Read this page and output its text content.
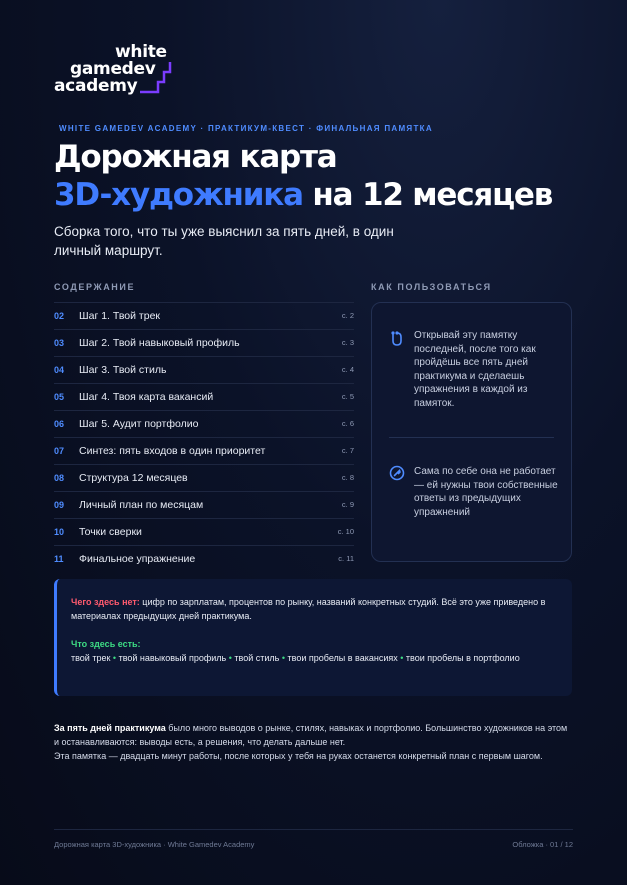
white
gamedev
academy
WHITE GAMEDEV ACADEMY · ПРАКТИКУМ-КВЕСТ · ФИНАЛЬНАЯ ПАМЯТКА
Дорожная карта
3D-художника на 12 месяцев
Сборка того, что ты уже выяснил за пять дней, в один личный маршрут.
СОДЕРЖАНИЕ	КАК ПОЛЬЗОВАТЬСЯ
02 Шаг 1. Твой трек	с. 2
03 Шаг 2. Твой навыковый профиль	с. 3
04 Шаг 3. Твой стиль	с. 4
05 Шаг 4. Твоя карта вакансий	с. 5
06 Шаг 5. Аудит портфолио	с. 6
07 Синтез: пять входов в один приоритет	с. 7
08 Структура 12 месяцев	с. 8
09 Личный план по месяцам	с. 9
10 Точки сверки	с. 10
11 Финальное упражнение	с. 11
Открывай эту памятку последней, после того как пройдёшь все пять дней практикума и сделаешь упражнения в каждой из памяток.
Сама по себе она не работает — ей нужны твои собственные ответы из предыдущих упражнений
Чего здесь нет: цифр по зарплатам, процентов по рынку, названий конкретных студий. Всё это уже приведено в материалах предыдущих дней практикума.
Что здесь есть:
твой трек • твой навыковый профиль • твой стиль • твои пробелы в вакансиях • твои пробелы в портфолио
За пять дней практикума было много выводов о рынке, стилях, навыках и портфолио. Большинство художников на этом и останавливаются: выводы есть, а решения, что делать дальше нет.
Эта памятка — двадцать минут работы, после которых у тебя на руках останется конкретный план с первым шагом.
Дорожная карта 3D-художника · White Gamedev Academy	Обложка · 01 / 12
